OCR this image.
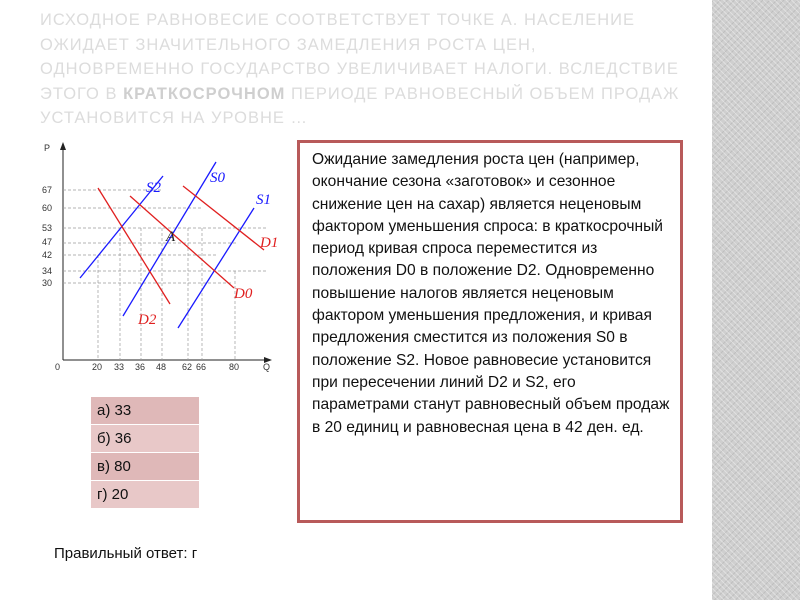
ИСХОДНОЕ РАВНОВЕСИЕ СООТВЕТСТВУЕТ ТОЧКЕ А. НАСЕЛЕНИЕ ОЖИДАЕТ ЗНАЧИТЕЛЬНОГО ЗАМЕДЛЕНИЯ РОСТА ЦЕН, ОДНОВРЕМЕННО ГОСУДАРСТВО УВЕЛИЧИВАЕТ НАЛОГИ. ВСЛЕДСТВИЕ ЭТОГО В КРАТКОСРОЧНОМ ПЕРИОДЕ РАВНОВЕСНЫЙ ОБЪЕМ ПРОДАЖ УСТАНОВИТСЯ НА УРОВНЕ …

P
Q
0
67
60
53
47
42
34
30
20 33 36 48 62 66	80
S2
S0
S1
D1
D0
D2
A
Ожидание замедления роста цен (например, окончание сезона «заготовок» и сезонное снижение цен на сахар) является неценовым фактором уменьшения спроса: в краткосрочный период кривая спроса переместится из положения D0 в положение D2. Одновременно повышение налогов является неценовым фактором уменьшения предложения, и кривая предложения сместится из положения S0 в положение S2. Новое равновесие установится при пересечении линий D2 и S2, его параметрами станут равновесный объем продаж в 20 единиц и равновесная цена в 42 ден. ед.
а) 33
б) 36
в) 80
г) 20

Правильный ответ: г
